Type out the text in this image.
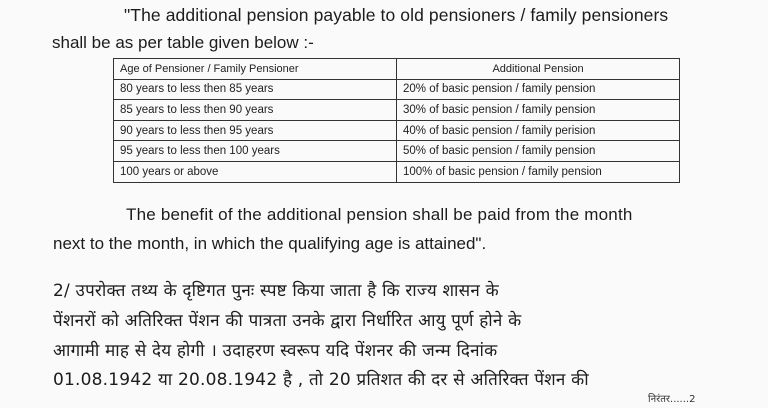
"The additional pension payable to old pensioners / family pensioners
shall be as per table given below :-
Age of Pensioner / Family Pensioner	Additional Pension
80 years to less then 85 years	20% of basic pension / family pension
85 years to less then 90 years	30% of basic pension / family pension
90 years to less then 95 years	40% of basic pension / family perision
95 years to less then 100 years	50% of basic pension / family pension
100 years or above	100% of basic pension / family pension
The benefit of the additional pension shall be paid from the month
next to the month, in which the qualifying age is attained".
2/ उपरोक्त तथ्य के दृष्टिगत पुनः स्पष्ट किया जाता है कि राज्य शासन के
पेंशनरों को अतिरिक्त पेंशन की पात्रता उनके द्वारा निर्धारित आयु पूर्ण होने के
आगामी माह से देय होगी । उदाहरण स्वरूप यदि पेंशनर की जन्म दिनांक
01.08.1942 या 20.08.1942 है , तो 20 प्रतिशत की दर से अतिरिक्त पेंशन की
निरंतर......2
